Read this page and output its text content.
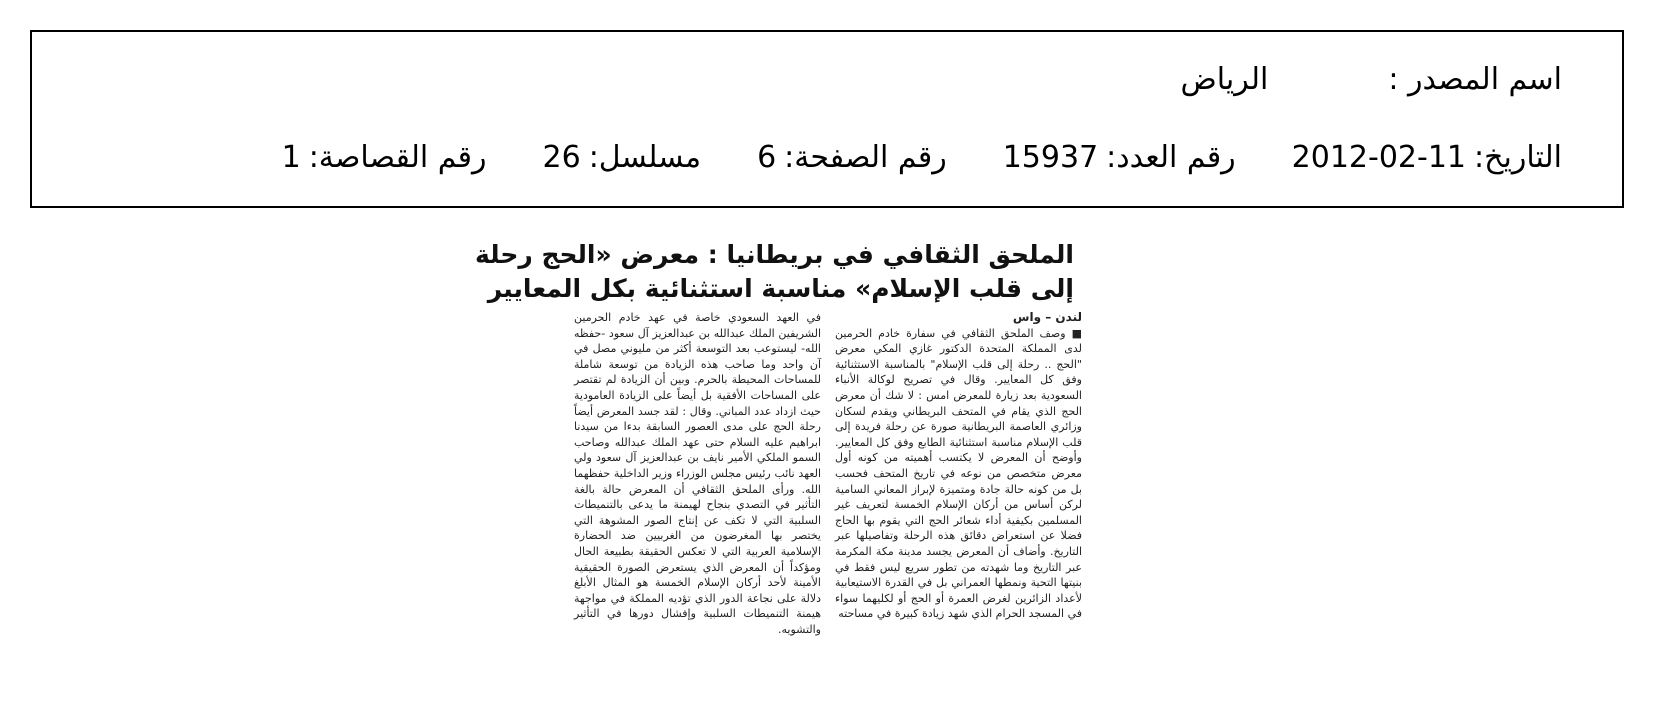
اسم المصدر :
الرياض
التاريخ:
2012-02-11
رقم العدد:
15937
رقم الصفحة:
6
مسلسل:
26
رقم القصاصة:
1

الملحق الثقافي في بريطانيا : معرض «الحج رحلة

إلى قلب الإسلام» مناسبة استثنائية بكل المعايير

لندن – واس

■ وصف الملحق الثقافي في سفارة خادم الحرمين لدى المملكة المتحدة الدكتور غازي المكي معرض "الحج .. رحلة إلى قلب الإسلام" بالمناسبة الاستثنائية وفق كل المعايير. وقال في تصريح لوكالة الأنباء السعودية بعد زيارة للمعرض امس : لا شك أن معرض الحج الذي يقام في المتحف البريطاني ويقدم لسكان وزائري العاصمة البريطانية صورة عن رحلة فريدة إلى قلب الإسلام مناسبة استثنائية الطابع وفق كل المعايير. وأوضح أن المعرض لا يكتسب أهميته من كونه أول معرض متخصص من نوعه في تاريخ المتحف فحسب بل من كونه حالة جادة ومتميزة لإبراز المعاني السامية لركن أساس من أركان الإسلام الخمسة لتعريف غير المسلمين بكيفية أداء شعائر الحج التي يقوم بها الحاج فضلا عن استعراض دقائق هذه الرحلة وتفاصيلها عبر التاريخ. وأضاف أن المعرض يجسد مدينة مكة المكرمة عبر التاريخ وما شهدته من تطور سريع ليس فقط في بنيتها التحية ونمطها العمراني بل في القدرة الاستيعابية لأعداد الزائرين لغرض العمرة أو الحج أو لكليهما سواء في المسجد الحرام الذي شهد زيادة كبيرة في مساحته

في العهد السعودي خاصة في عهد خادم الحرمين الشريفين الملك عبدالله بن عبدالعزيز آل سعود -حفظه الله- ليستوعب بعد التوسعة أكثر من مليوني مصل في آن واحد وما صاحب هذه الزيادة من توسعة شاملة للمساحات المحيطة بالحرم. وبين أن الزيادة لم تقتصر على المساحات الأفقية بل أيضاً على الزيادة العامودية حيث ازداد عدد المباني. وقال : لقد جسد المعرض أيضاً رحلة الحج على مدى العصور السابقة بدءا من سيدنا ابراهيم عليه السلام حتى عهد الملك عبدالله وصاحب السمو الملكي الأمير نايف بن عبدالعزيز آل سعود ولي العهد نائب رئيس مجلس الوزراء وزير الداخلية حفظهما الله. ورأى الملحق الثقافي أن المعرض حالة بالغة التأثير في التصدي بنجاح لهيمنة ما يدعى بالتنميطات السلبية التي لا تكف عن إنتاج الصور المشوهة التي يختصر بها المغرضون من الغربيين ضد الحضارة الإسلامية العربية التي لا تعكس الحقيقة بطبيعة الحال ومؤكداً أن المعرض الذي يستعرض الصورة الحقيقية الأمينة لأحد أركان الإسلام الخمسة هو المثال الأبلغ دلالة على نجاعة الدور الذي تؤديه المملكة في مواجهة هيمنة التنميطات السلبية وإفشال دورها في التأثير والتشويه.
